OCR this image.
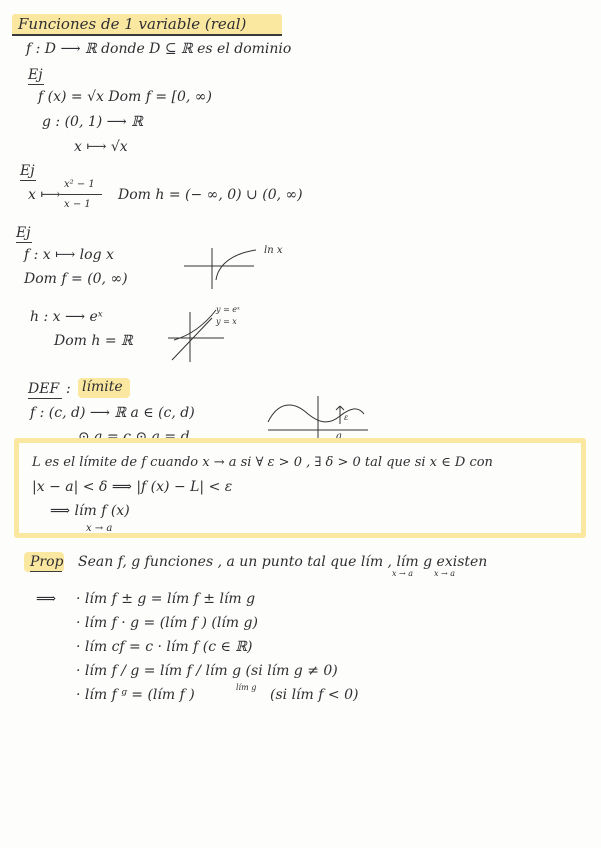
Funciones de 1 variable (real)
f : D ⟶ ℝ donde D ⊆ ℝ es el dominio
Ej
f (x) = √x Dom f = [0, ∞)
g : (0, 1) ⟶ ℝ
x ⟼ √x
Ej
x ⟼
x² − 1
x − 1
Dom h = (− ∞, 0) ∪ (0, ∞)
Ej
f : x ⟼ log x
Dom f = (0, ∞)
ln x
h : x ⟶ eˣ
Dom h = ℝ
y = eˣ
y = x
DEF : límite
f : (c, d) ⟶ ℝ a ∈ (c, d)
⊙ a = c ⊙ a = d
ε
a
L es el límite de f cuando x → a si ∀ ε > 0 , ∃ δ > 0 tal que si x ∈ D con
|x − a| < δ ⟹ |f (x) − L| < ε
⟹ lím f (x)
x → a
Prop Sean f, g funciones , a un punto tal que lím , lím g existen
x → a	x → a
⟹ · lím f ± g = lím f ± lím g
· lím f · g = (lím f ) (lím g)
· lím cf = c · lím f (c ∈ ℝ)
· lím f / g = lím f / lím g (si lím g ≠ 0)
· lím f ᵍ = (lím f )	lím g (si lím f < 0)
